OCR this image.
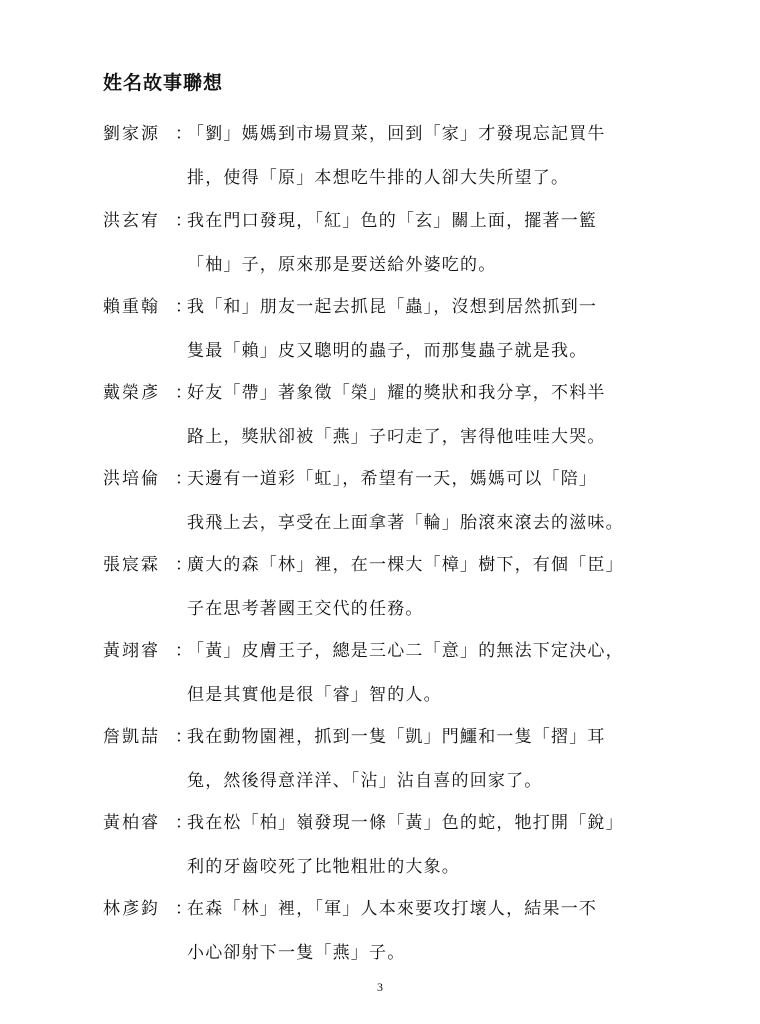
姓名故事聯想
劉家源 ：
「劉」媽媽到市場買菜，回到「家」才發現忘記買牛
排，使得「原」本想吃牛排的人卻大失所望了。
洪玄宥 ：
我在門口發現，「紅」色的「玄」關上面，擺著一籃
「柚」子，原來那是要送給外婆吃的。
賴重翰 ：
我「和」朋友一起去抓昆「蟲」，沒想到居然抓到一
隻最「賴」皮又聰明的蟲子，而那隻蟲子就是我。
戴榮彥 ：
好友「帶」著象徵「榮」耀的獎狀和我分享，不料半
路上，獎狀卻被「燕」子叼走了，害得他哇哇大哭。
洪培倫 ：
天邊有一道彩「虹」，希望有一天，媽媽可以「陪」
我飛上去，享受在上面拿著「輪」胎滾來滾去的滋味。
張宸霖 ：
廣大的森「林」裡，在一棵大「樟」樹下，有個「臣」
子在思考著國王交代的任務。
黃翊睿 ：
「黃」皮膚王子，總是三心二「意」的無法下定決心，
但是其實他是很「睿」智的人。
詹凱喆 ：
我在動物園裡，抓到一隻「凱」門鱷和一隻「摺」耳
兔，然後得意洋洋、「沾」沾自喜的回家了。
黃柏睿 ：
我在松「柏」嶺發現一條「黃」色的蛇，牠打開「銳」
利的牙齒咬死了比牠粗壯的大象。
林彥鈞 ：
在森「林」裡，「軍」人本來要攻打壞人，結果一不
小心卻射下一隻「燕」子。
3
